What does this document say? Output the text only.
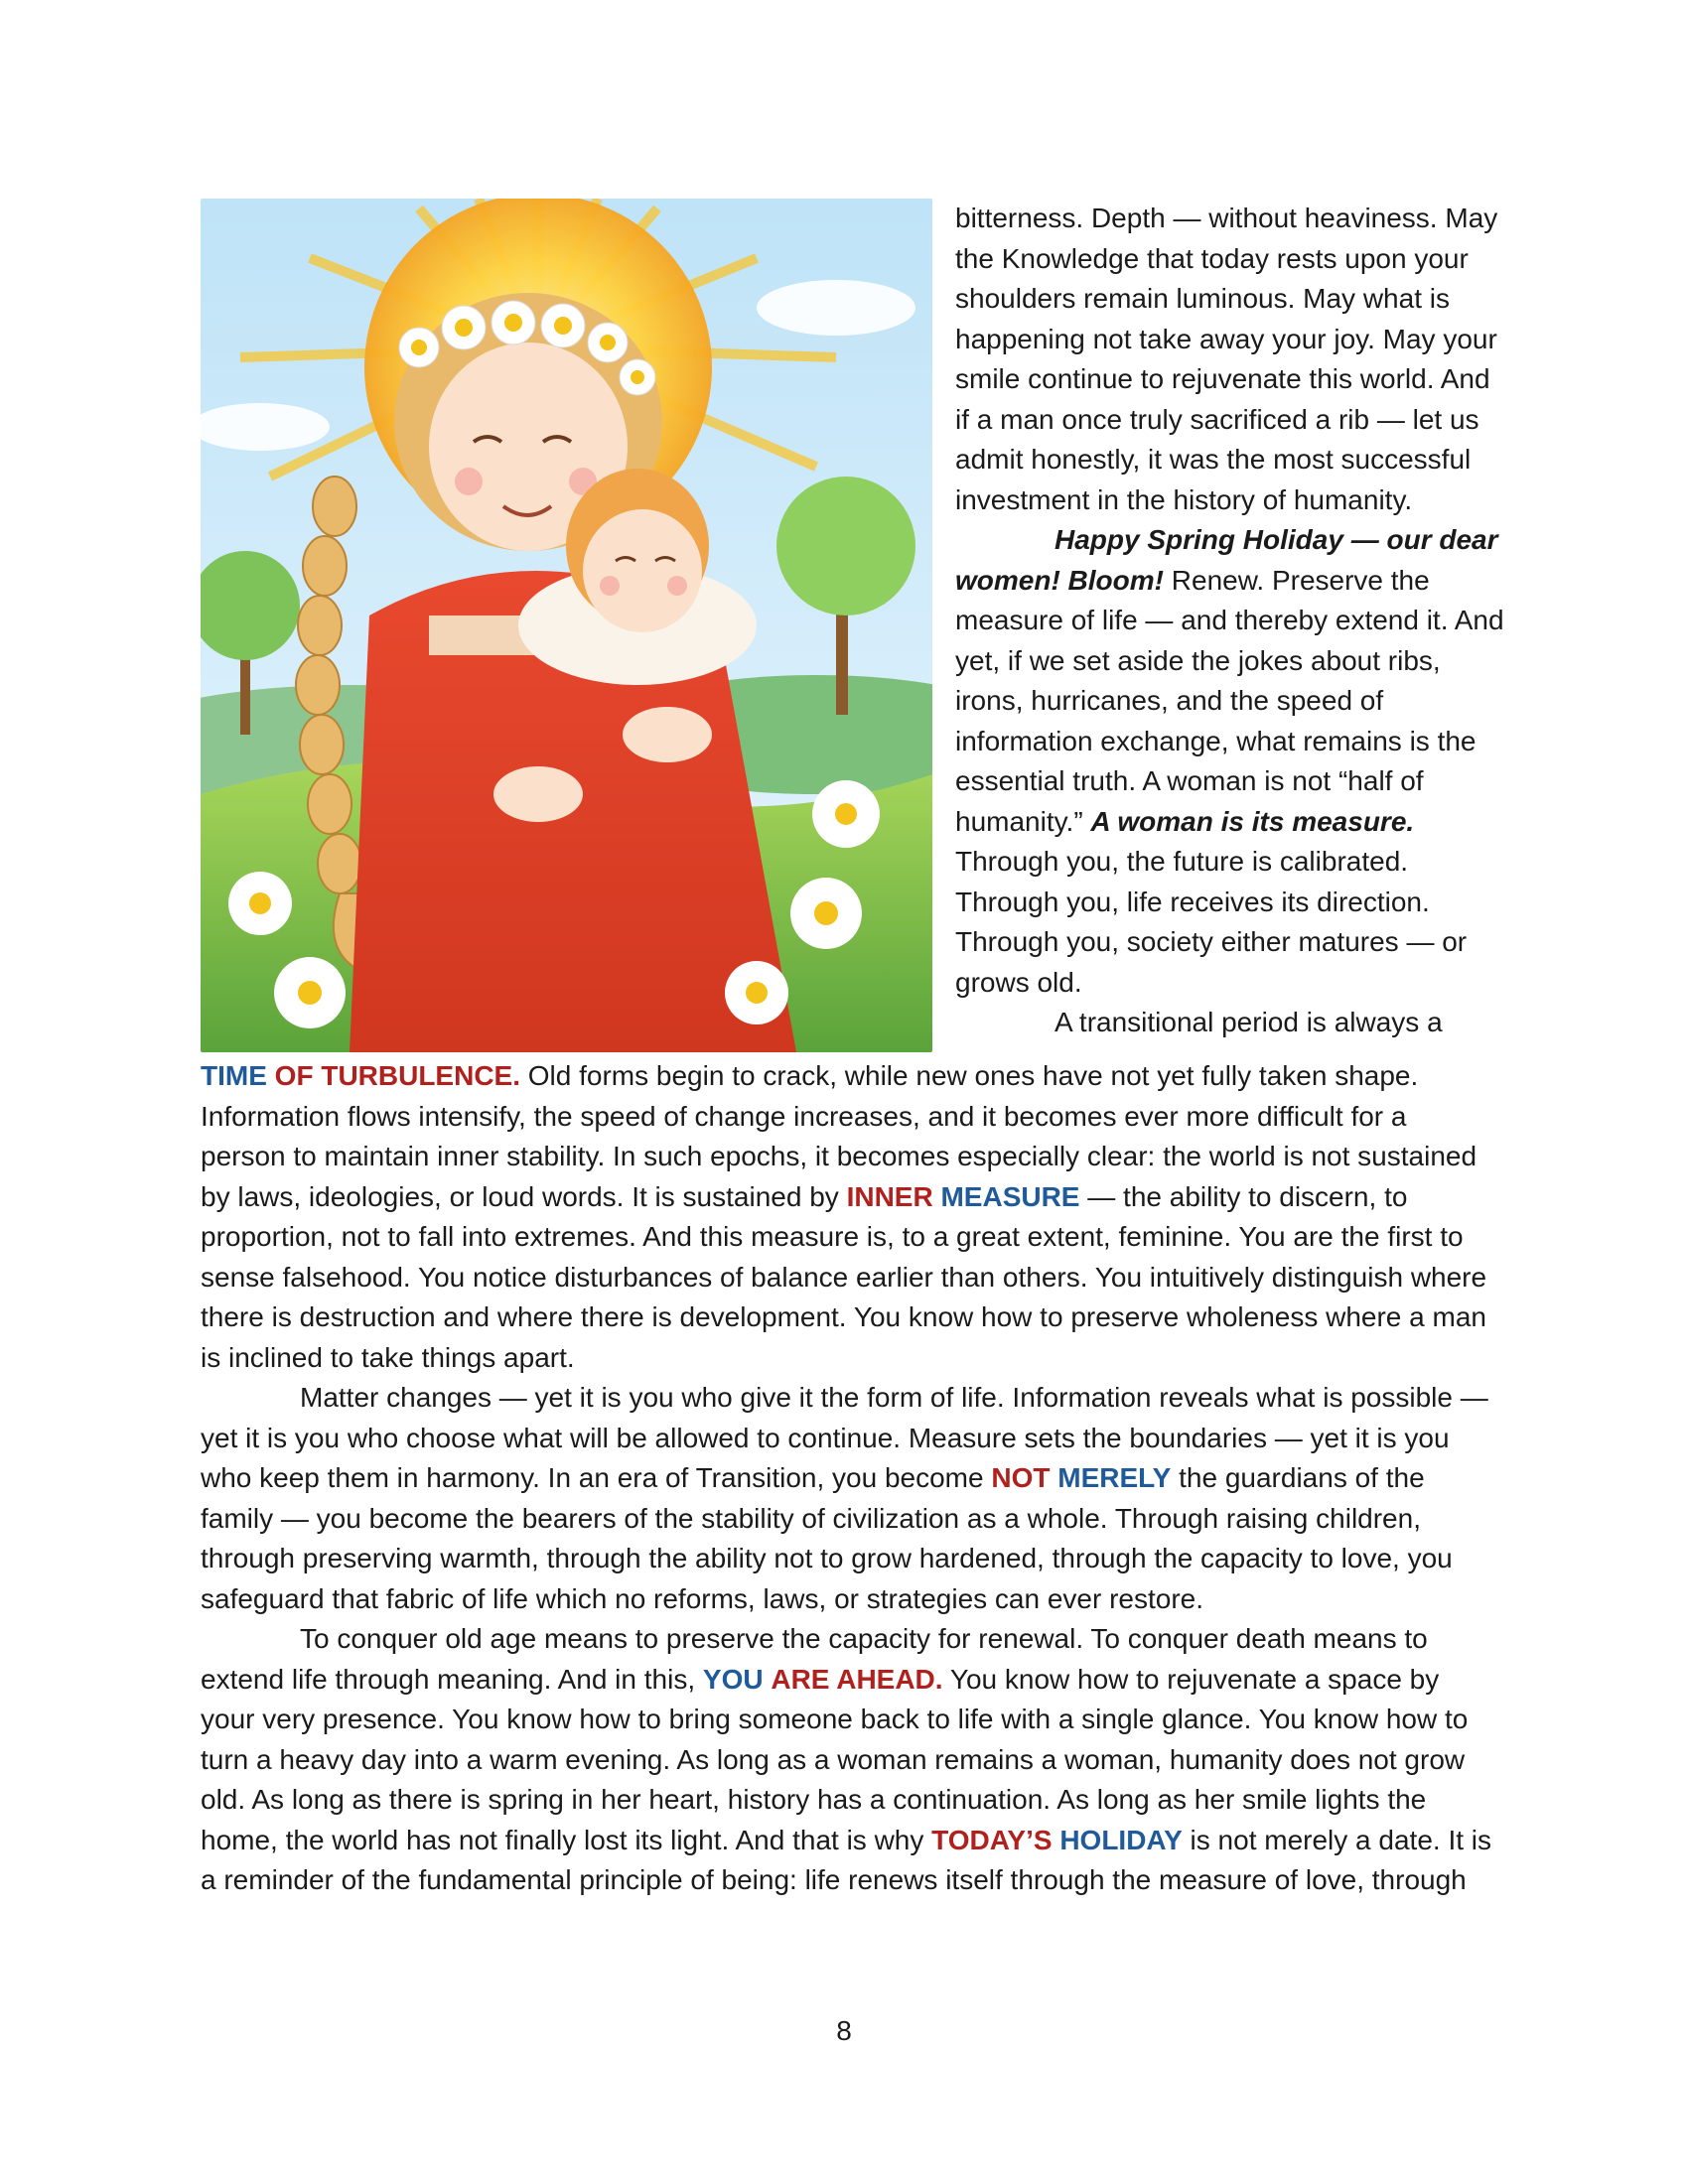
bitterness. Depth — without heaviness. May the Knowledge that today rests upon your shoulders remain luminous. May what is happening not take away your joy. May your smile continue to rejuvenate this world. And if a man once truly sacrificed a rib — let us admit honestly, it was the most successful investment in the history of humanity.

Happy Spring Holiday — our dear women! Bloom! Renew. Preserve the measure of life — and thereby extend it. And yet, if we set aside the jokes about ribs, irons, hurricanes, and the speed of information exchange, what remains is the essential truth. A woman is not “half of humanity.” A woman is its measure. Through you, the future is calibrated. Through you, life receives its direction. Through you, society either matures — or grows old.

A transitional period is always a

TIME OF TURBULENCE. Old forms begin to crack, while new ones have not yet fully taken shape. Information flows intensify, the speed of change increases, and it becomes ever more difficult for a person to maintain inner stability. In such epochs, it becomes especially clear: the world is not sustained by laws, ideologies, or loud words. It is sustained by INNER MEASURE — the ability to discern, to proportion, not to fall into extremes. And this measure is, to a great extent, feminine. You are the first to sense falsehood. You notice disturbances of balance earlier than others. You intuitively distinguish where there is destruction and where there is development. You know how to preserve wholeness where a man is inclined to take things apart.

Matter changes — yet it is you who give it the form of life. Information reveals what is possible — yet it is you who choose what will be allowed to continue. Measure sets the boundaries — yet it is you who keep them in harmony. In an era of Transition, you become NOT MERELY the guardians of the family — you become the bearers of the stability of civilization as a whole. Through raising children, through preserving warmth, through the ability not to grow hardened, through the capacity to love, you safeguard that fabric of life which no reforms, laws, or strategies can ever restore.

To conquer old age means to preserve the capacity for renewal. To conquer death means to extend life through meaning. And in this, YOU ARE AHEAD. You know how to rejuvenate a space by your very presence. You know how to bring someone back to life with a single glance. You know how to turn a heavy day into a warm evening. As long as a woman remains a woman, humanity does not grow old. As long as there is spring in her heart, history has a continuation. As long as her smile lights the home, the world has not finally lost its light. And that is why TODAY’S HOLIDAY is not merely a date. It is a reminder of the fundamental principle of being: life renews itself through the measure of love, through

8
